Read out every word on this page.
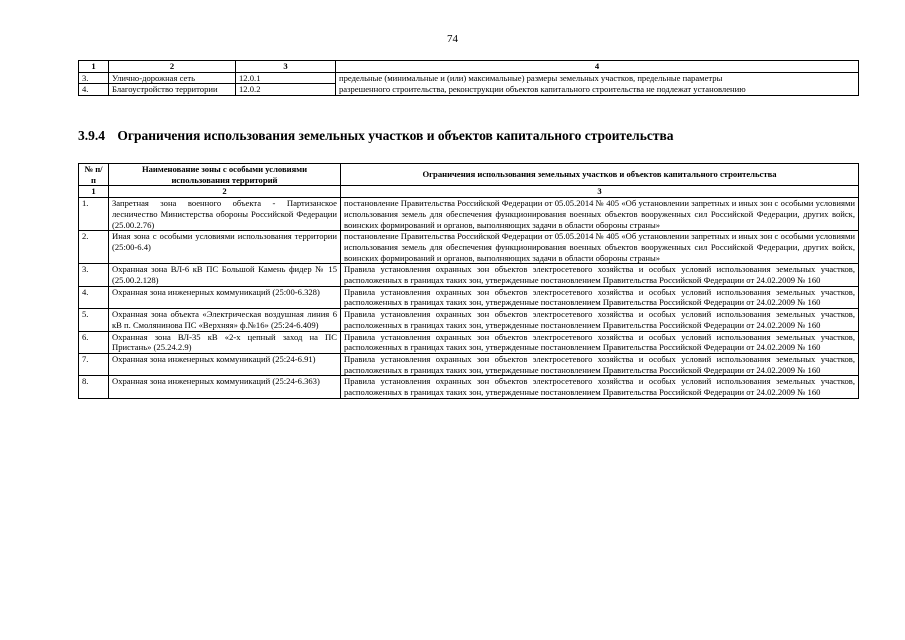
74
1	2	3	4
3.	Улично-дорожная сеть	12.0.1	предельные (минимальные и (или) максимальные) размеры земельных участков, предельные параметры
4.	Благоустройство территории	12.0.2	разрешенного строительства, реконструкции объектов капитального строительства не подлежат установлению
3.9.4 Ограничения использования земельных участков и объектов капитального строительства
№ п/п	Наименование зоны с особыми условиями использования территорий	Ограничения использования земельных участков и объектов капитального строительства
1	2	3
1.	Запретная зона военного объекта - Партизанское лесничество Министерства обороны Российской Федерации (25.00.2.76)	постановление Правительства Российской Федерации от 05.05.2014 № 405 «Об установлении запретных и иных зон с особыми условиями использования земель для обеспечения функционирования военных объектов вооруженных сил Российской Федерации, других войск, воинских формирований и органов, выполняющих задачи в области обороны страны»
2.	Иная зона с особыми условиями использования территории (25:00-6.4)	постановление Правительства Российской Федерации от 05.05.2014 № 405 «Об установлении запретных и иных зон с особыми условиями использования земель для обеспечения функционирования военных объектов вооруженных сил Российской Федерации, других войск, воинских формирований и органов, выполняющих задачи в области обороны страны»
3.	Охранная зона ВЛ-6 кВ ПС Большой Камень фидер № 15 (25.00.2.128)	Правила установления охранных зон объектов электросетевого хозяйства и особых условий использования земельных участков, расположенных в границах таких зон, утвержденные постановлением Правительства Российской Федерации от 24.02.2009 № 160
4.	Охранная зона инженерных коммуникаций (25:00-6.328)	Правила установления охранных зон объектов электросетевого хозяйства и особых условий использования земельных участков, расположенных в границах таких зон, утвержденные постановлением Правительства Российской Федерации от 24.02.2009 № 160
5.	Охранная зона объекта «Электрическая воздушная линия 6 кВ п. Смолянинова ПС «Верхняя» ф.№16» (25:24-6.409)	Правила установления охранных зон объектов электросетевого хозяйства и особых условий использования земельных участков, расположенных в границах таких зон, утвержденные постановлением Правительства Российской Федерации от 24.02.2009 № 160
6.	Охранная зона ВЛ-35 кВ «2-х цепный заход на ПС Пристань» (25.24.2.9)	Правила установления охранных зон объектов электросетевого хозяйства и особых условий использования земельных участков, расположенных в границах таких зон, утвержденные постановлением Правительства Российской Федерации от 24.02.2009 № 160
7.	Охранная зона инженерных коммуникаций (25:24-6.91)	Правила установления охранных зон объектов электросетевого хозяйства и особых условий использования земельных участков, расположенных в границах таких зон, утвержденные постановлением Правительства Российской Федерации от 24.02.2009 № 160
8.	Охранная зона инженерных коммуникаций (25:24-6.363)	Правила установления охранных зон объектов электросетевого хозяйства и особых условий использования земельных участков, расположенных в границах таких зон, утвержденные постановлением Правительства Российской Федерации от 24.02.2009 № 160
